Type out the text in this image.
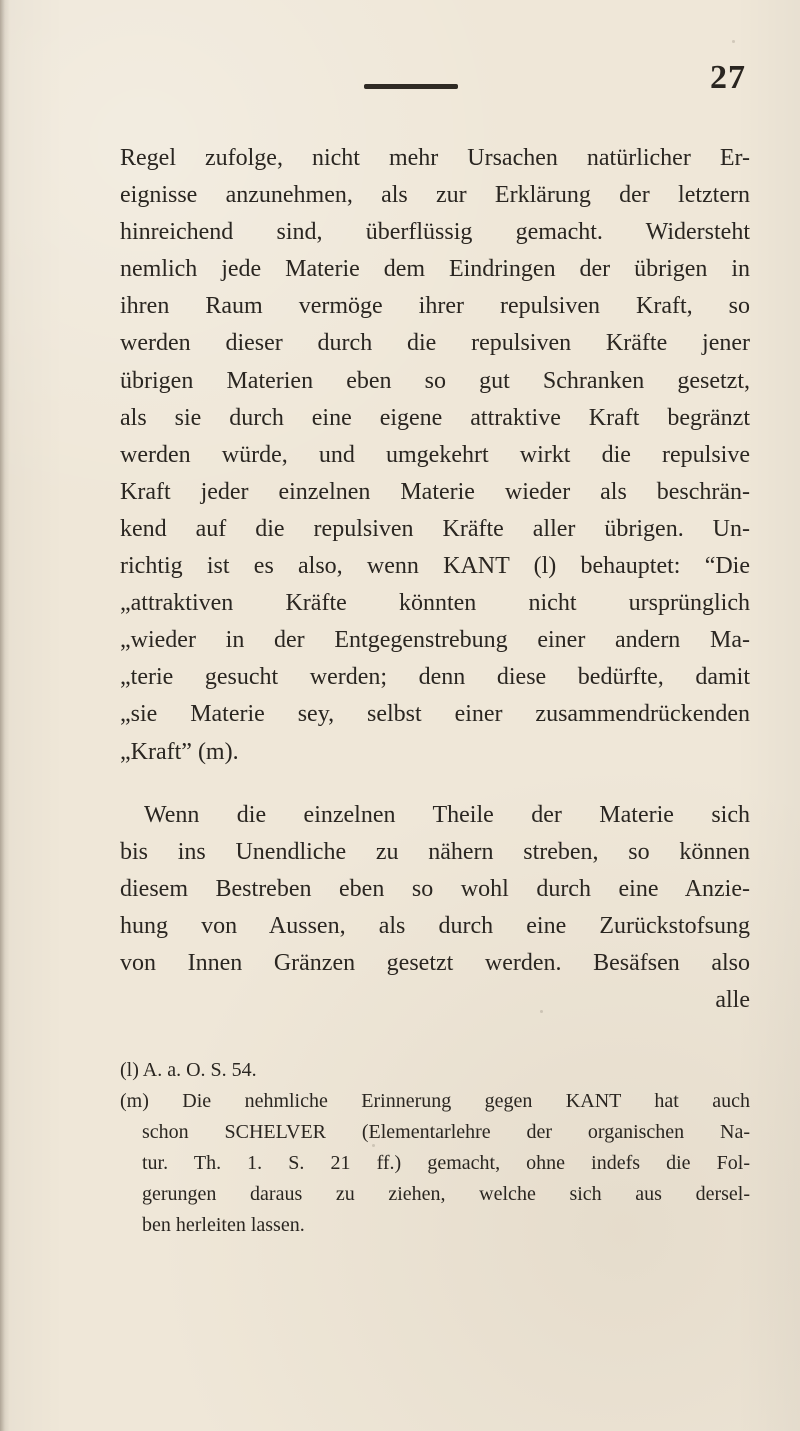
27
Regel zufolge, nicht mehr Ursachen natürlicher Er-
eignisse anzunehmen, als zur Erklärung der letztern
hinreichend sind, überflüssig gemacht. Widersteht
nemlich jede Materie dem Eindringen der übrigen in
ihren Raum vermöge ihrer repulsiven Kraft, so
werden dieser durch die repulsiven Kräfte jener
übrigen Materien eben so gut Schranken gesetzt,
als sie durch eine eigene attraktive Kraft begränzt
werden würde, und umgekehrt wirkt die repulsive
Kraft jeder einzelnen Materie wieder als beschrän-
kend auf die repulsiven Kräfte aller übrigen. Un-
richtig ist es also, wenn KANT (l) behauptet: “Die
„attraktiven Kräfte könnten nicht ursprünglich
„wieder in der Entgegenstrebung einer andern Ma-
„terie gesucht werden; denn diese bedürfte, damit
„sie Materie sey, selbst einer zusammendrückenden
„Kraft” (m).
Wenn die einzelnen Theile der Materie sich
bis ins Unendliche zu nähern streben, so können
diesem Bestreben eben so wohl durch eine Anzie-
hung von Aussen, als durch eine Zurückstofsung
von Innen Gränzen gesetzt werden. Besäfsen also
alle
(l) A. a. O. S. 54.
(m) Die nehmliche Erinnerung gegen KANT hat auch
schon SCHELVER (Elementarlehre der organischen Na-
tur. Th. 1. S. 21 ff.) gemacht, ohne indefs die Fol-
gerungen daraus zu ziehen, welche sich aus dersel-
ben herleiten lassen.
